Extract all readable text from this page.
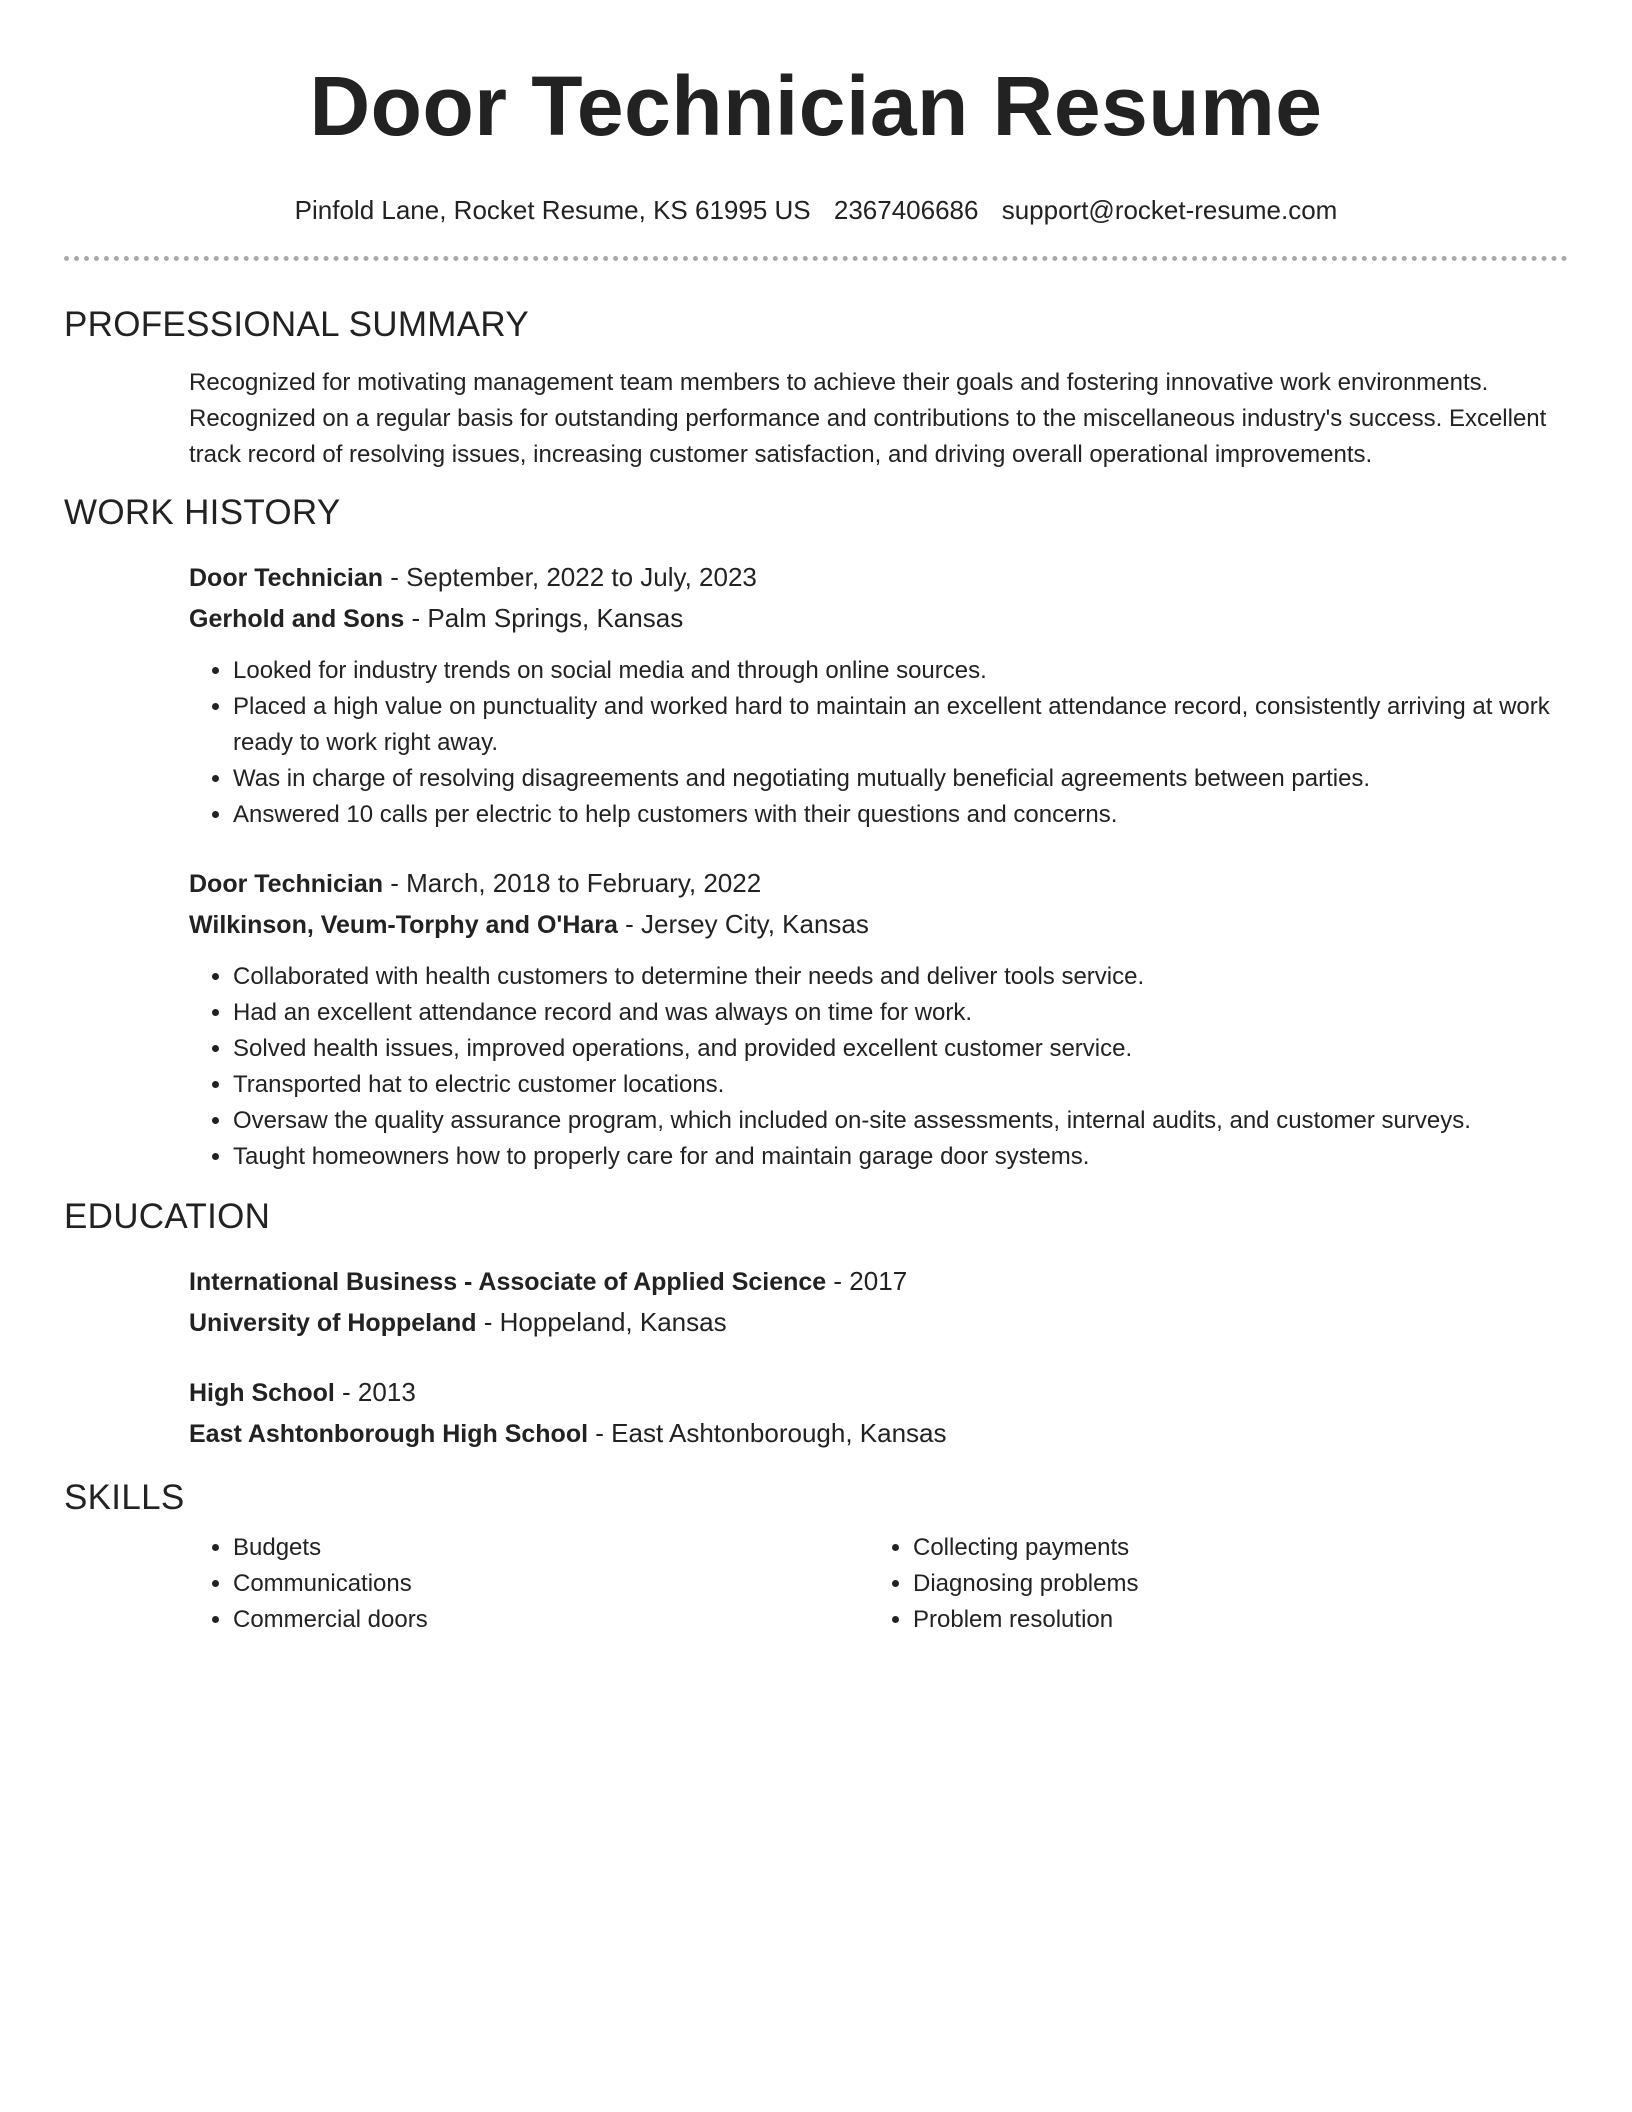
Door Technician Resume
Pinfold Lane, Rocket Resume, KS 61995 US 2367406686 support@rocket-resume.com
PROFESSIONAL SUMMARY

Recognized for motivating management team members to achieve their goals and fostering innovative work environments. Recognized on a regular basis for outstanding performance and contributions to the miscellaneous industry's success. Excellent track record of resolving issues, increasing customer satisfaction, and driving overall operational improvements.

WORK HISTORY
Door Technician - September, 2022 to July, 2023
Gerhold and Sons - Palm Springs, Kansas
• Looked for industry trends on social media and through online sources.
• Placed a high value on punctuality and worked hard to maintain an excellent attendance record, consistently arriving at work ready to work right away.
• Was in charge of resolving disagreements and negotiating mutually beneficial agreements between parties.
• Answered 10 calls per electric to help customers with their questions and concerns.
Door Technician - March, 2018 to February, 2022
Wilkinson, Veum-Torphy and O'Hara - Jersey City, Kansas
• Collaborated with health customers to determine their needs and deliver tools service.
• Had an excellent attendance record and was always on time for work.
• Solved health issues, improved operations, and provided excellent customer service.
• Transported hat to electric customer locations.
• Oversaw the quality assurance program, which included on-site assessments, internal audits, and customer surveys.
• Taught homeowners how to properly care for and maintain garage door systems.
EDUCATION
International Business - Associate of Applied Science - 2017
University of Hoppeland - Hoppeland, Kansas
High School - 2013
East Ashtonborough High School - East Ashtonborough, Kansas
SKILLS
• Budgets
• Communications
• Commercial doors
• Collecting payments
• Diagnosing problems
• Problem resolution
